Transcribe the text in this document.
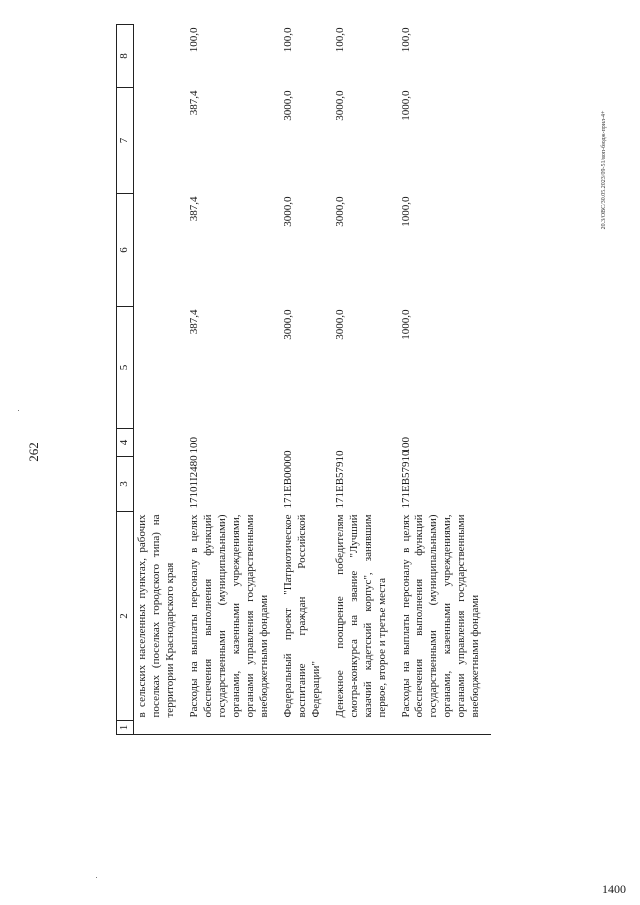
262
20.3/ОВС/30.05.2023/09-51/воп-бюдж-прил-4+
1400
1	2	3	4	5	6	7	8
	в сельских населенных пунктах, рабочих поселках (поселках городского типа) на территории Краснодарского края						
	Расходы на выплаты персоналу в целях обеспечения выполнения функций государственными (муниципальными) органами, казенными учреждениями, органами управления государственными внебюджетными фондами	17101I2480	100	387,4	387,4	387,4	100,0
	Федеральный проект "Патриотическое воспитание граждан Российской Федерации"	171EB00000		3000,0	3000,0	3000,0	100,0
	Денежное поощрение победителям смотра-конкурса на звание "Лучший казачий кадетский корпус", занявшим первое, второе и третье места	171EB57910		3000,0	3000,0	3000,0	100,0
	Расходы на выплаты персоналу в целях обеспечения выполнения функций государственными (муниципальными) органами, казенными учреждениями, органами управления государственными внебюджетными фондами	171EB57910	100	1000,0	1000,0	1000,0	100,0
